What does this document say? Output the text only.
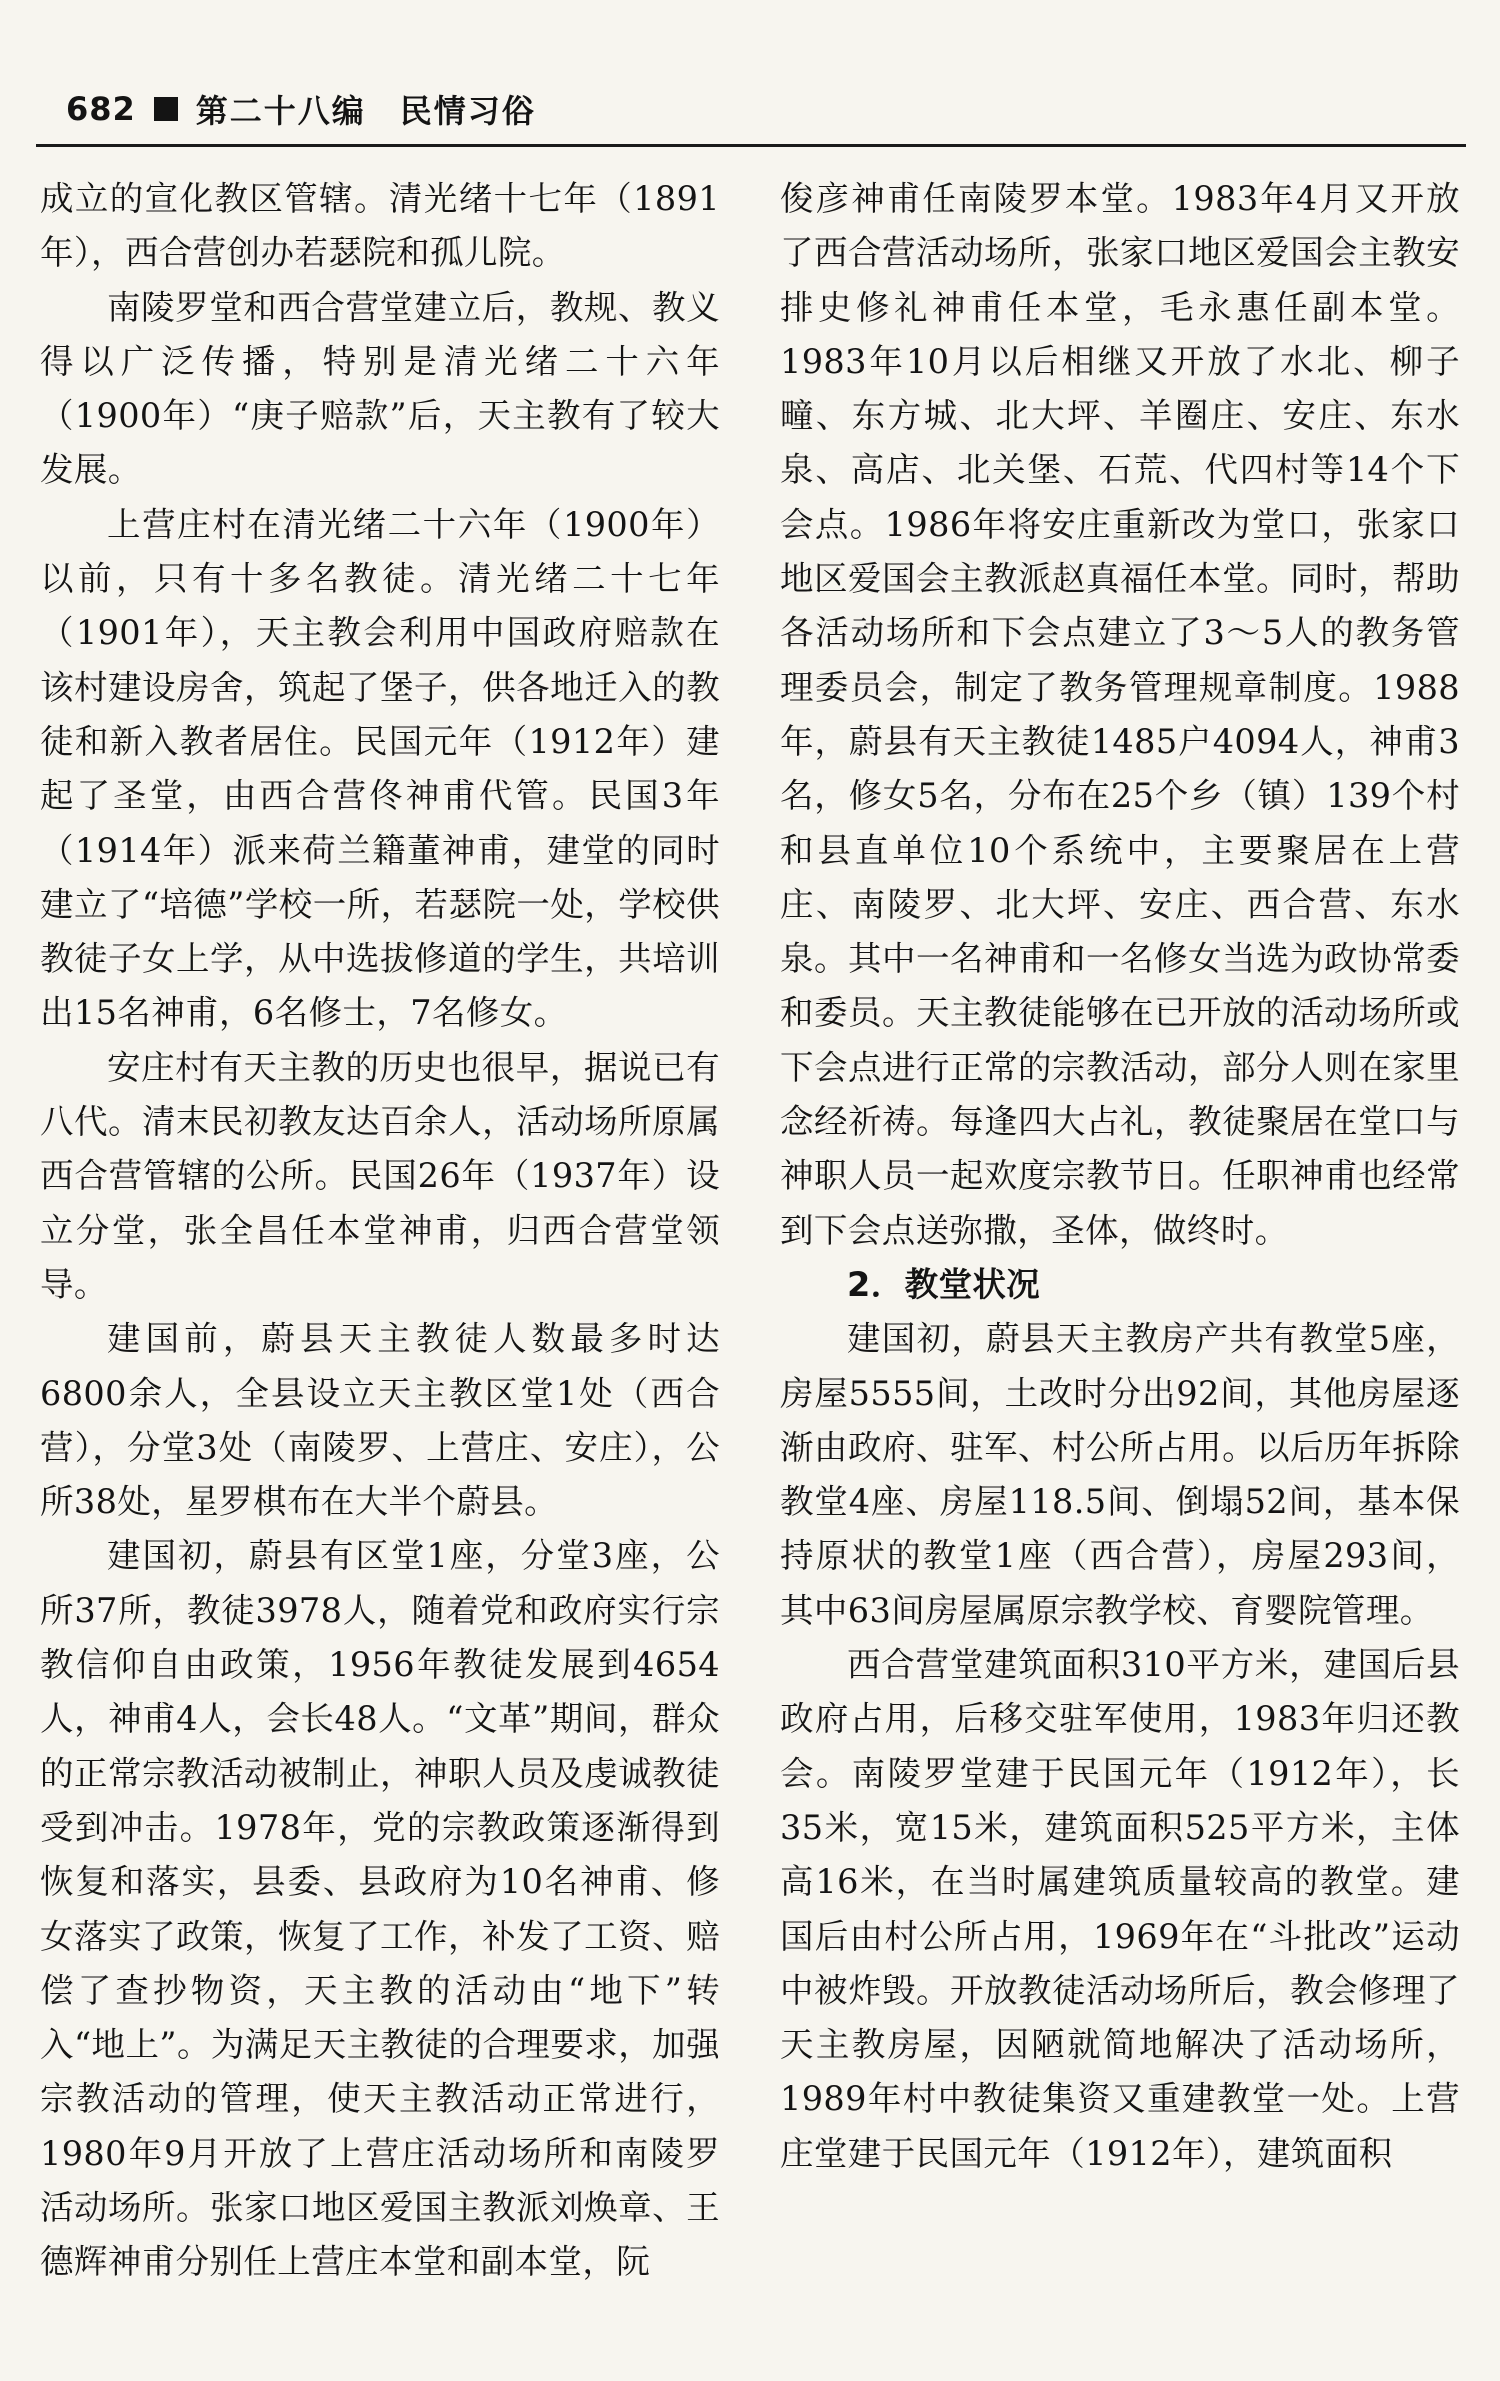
682 第二十八编　民情习俗

成立的宣化教区管辖。清光绪十七年（1891年），西合营创办若瑟院和孤儿院。

南陵罗堂和西合营堂建立后，教规、教义得以广泛传播，特别是清光绪二十六年（1900年）“庚子赔款”后，天主教有了较大发展。

上营庄村在清光绪二十六年（1900年）以前，只有十多名教徒。清光绪二十七年（1901年），天主教会利用中国政府赔款在该村建设房舍，筑起了堡子，供各地迁入的教徒和新入教者居住。民国元年（1912年）建起了圣堂，由西合营佟神甫代管。民国3年（1914年）派来荷兰籍董神甫，建堂的同时建立了“培德”学校一所，若瑟院一处，学校供教徒子女上学，从中选拔修道的学生，共培训出15名神甫，6名修士，7名修女。

安庄村有天主教的历史也很早，据说已有八代。清末民初教友达百余人，活动场所原属西合营管辖的公所。民国26年（1937年）设立分堂，张全昌任本堂神甫，归西合营堂领导。

建国前，蔚县天主教徒人数最多时达6800余人，全县设立天主教区堂1处（西合营），分堂3处（南陵罗、上营庄、安庄），公所38处，星罗棋布在大半个蔚县。

建国初，蔚县有区堂1座，分堂3座，公所37所，教徒3978人，随着党和政府实行宗教信仰自由政策，1956年教徒发展到4654人，神甫4人，会长48人。“文革”期间，群众的正常宗教活动被制止，神职人员及虔诚教徒受到冲击。1978年，党的宗教政策逐渐得到恢复和落实，县委、县政府为10名神甫、修女落实了政策，恢复了工作，补发了工资、赔偿了查抄物资，天主教的活动由“地下”转入“地上”。为满足天主教徒的合理要求，加强宗教活动的管理，使天主教活动正常进行，1980年9月开放了上营庄活动场所和南陵罗活动场所。张家口地区爱国主教派刘焕章、王德辉神甫分别任上营庄本堂和副本堂，阮

俊彦神甫任南陵罗本堂。1983年4月又开放了西合营活动场所，张家口地区爱国会主教安排史修礼神甫任本堂，毛永惠任副本堂。1983年10月以后相继又开放了水北、柳子疃、东方城、北大坪、羊圈庄、安庄、东水泉、高店、北关堡、石荒、代四村等14个下会点。1986年将安庄重新改为堂口，张家口地区爱国会主教派赵真福任本堂。同时，帮助各活动场所和下会点建立了3～5人的教务管理委员会，制定了教务管理规章制度。1988年，蔚县有天主教徒1485户4094人，神甫3名，修女5名，分布在25个乡（镇）139个村和县直单位10个系统中，主要聚居在上营庄、南陵罗、北大坪、安庄、西合营、东水泉。其中一名神甫和一名修女当选为政协常委和委员。天主教徒能够在已开放的活动场所或下会点进行正常的宗教活动，部分人则在家里念经祈祷。每逢四大占礼，教徒聚居在堂口与神职人员一起欢度宗教节日。任职神甫也经常到下会点送弥撒，圣体，做终时。

2．教堂状况

建国初，蔚县天主教房产共有教堂5座，房屋5555间，土改时分出92间，其他房屋逐渐由政府、驻军、村公所占用。以后历年拆除教堂4座、房屋118.5间、倒塌52间，基本保持原状的教堂1座（西合营），房屋293间，其中63间房屋属原宗教学校、育婴院管理。

西合营堂建筑面积310平方米，建国后县政府占用，后移交驻军使用，1983年归还教会。南陵罗堂建于民国元年（1912年），长35米，宽15米，建筑面积525平方米，主体高16米，在当时属建筑质量较高的教堂。建国后由村公所占用，1969年在“斗批改”运动中被炸毁。开放教徒活动场所后，教会修理了天主教房屋，因陋就简地解决了活动场所，1989年村中教徒集资又重建教堂一处。上营庄堂建于民国元年（1912年），建筑面积
